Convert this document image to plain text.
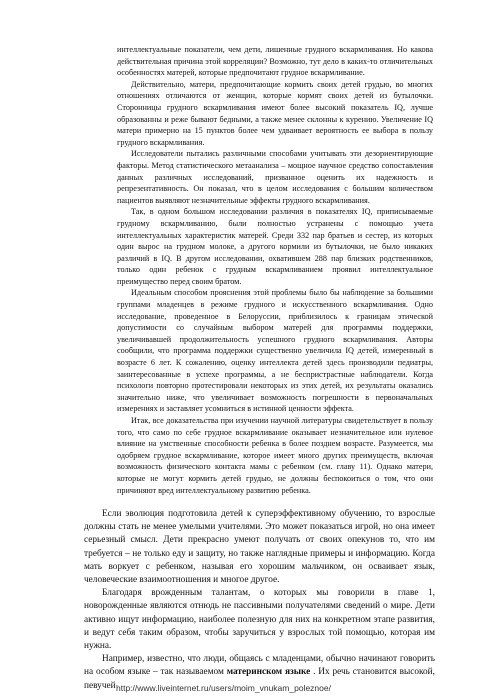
интеллектуальные показатели, чем дети, лишенные грудного вскармливания. Но какова действительная причина этой корреляции? Возможно, тут дело в каких-то отличительных особенностях матерей, которые предпочитают грудное вскармливание.

Действительно, матери, предпочитающие кормить своих детей грудью, во многих отношениях отличаются от женщин, которые кормят своих детей из бутылочки. Сторонницы грудного вскармливания имеют более высокий показатель IQ, лучше образованны и реже бывают бедными, а также менее склонны к курению. Увеличение IQ матери примерно на 15 пунктов более чем удваивает вероятность ее выбора в пользу грудного вскармливания.

Исследователи пытались различными способами учитывать эти дезориентирующие факторы. Метод статистического метаанализа – мощное научное средство сопоставления данных различных исследований, призванное оценить их надежность и репрезентативность. Он показал, что в целом исследования с большим количеством пациентов выявляют незначительные эффекты грудного вскармливания.

Так, в одном большом исследовании различия в показателях IQ, приписываемые грудному вскармливанию, были полностью устранены с помощью учета интеллектуальных характеристик матерей. Среди 332 пар братьев и сестер, из которых один вырос на грудном молоке, а другого кормили из бутылочки, не было никаких различий в IQ. В другом исследовании, охватившем 288 пар близких родственников, только один ребенок с грудным вскармливанием проявил интеллектуальное преимущество перед своим братом.

Идеальным способом прояснения этой проблемы было бы наблюдение за большими группами младенцев в режиме грудного и искусственного вскармливания. Одно исследование, проведенное в Белоруссии, приблизилось к границам этической допустимости со случайным выбором матерей для программы поддержки, увеличивавшей продолжительность успешного грудного вскармливания. Авторы сообщили, что программа поддержки существенно увеличила IQ детей, измеренный в возрасте 6 лет. К сожалению, оценку интеллекта детей здесь производили педиатры, заинтересованные в успехе программы, а не беспристрастные наблюдатели. Когда психологи повторно протестировали некоторых из этих детей, их результаты оказались значительно ниже, что увеличивает возможность погрешности в первоначальных измерениях и заставляет усомниться в истинной ценности эффекта.

Итак, все доказательства при изучении научной литературы свидетельствует в пользу того, что само по себе грудное вскармливание оказывает незначительное или нулевое влияние на умственные способности ребенка в более позднем возрасте. Разумеется, мы одобряем грудное вскармливание, которое имеет много других преимуществ, включая возможность физического контакта мамы с ребенком (см. главу 11). Однако матери, которые не могут кормить детей грудью, не должны беспокоиться о том, что они причиняют вред интеллектуальному развитию ребенка.

Если эволюция подготовила детей к суперэффективному обучению, то взрослые должны стать не менее умелыми учителями. Это может показаться игрой, но она имеет серьезный смысл. Дети прекрасно умеют получать от своих опекунов то, что им требуется – не только еду и защиту, но также наглядные примеры и информацию. Когда мать воркует с ребенком, называя его хорошим мальчиком, он осваивает язык, человеческие взаимоотношения и многое другое.

Благодаря врожденным талантам, о которых мы говорили в главе 1, новорожденные являются отнюдь не пассивными получателями сведений о мире. Дети активно ищут информацию, наиболее полезную для них на конкретном этапе развития, и ведут себя таким образом, чтобы заручиться у взрослых той помощью, которая им нужна.

Например, известно, что люди, общаясь с младенцами, обычно начинают говорить на особом языке – так называемом материнском языке . Их речь становится высокой, певучей http://www.liveinternet.ru/users/moim_vnukam_poleznoe/
